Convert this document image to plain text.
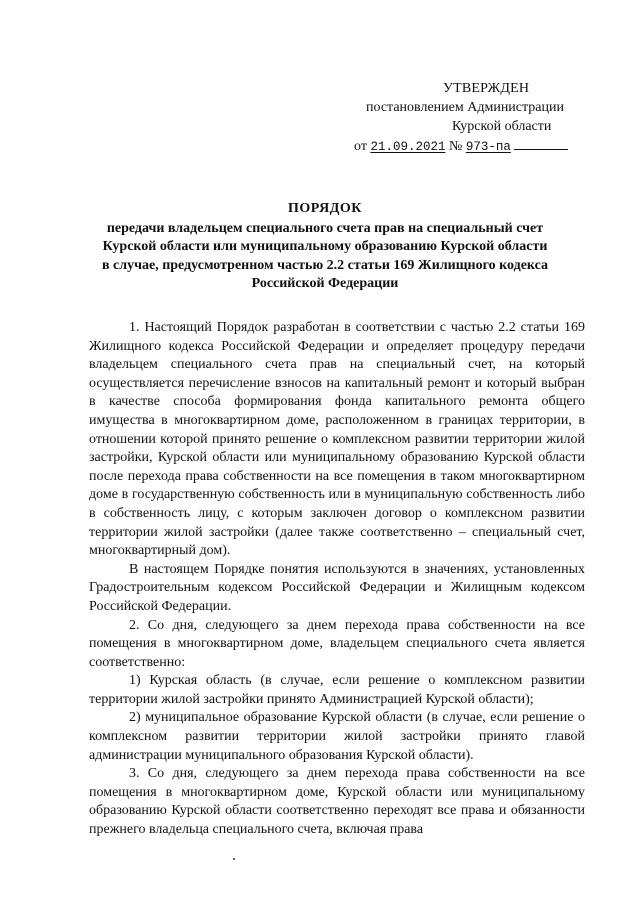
УТВЕРЖДЕН
постановлением Администрации
Курской области
от 21.09.2021 № 973-па
ПОРЯДОК
передачи владельцем специального счета прав на специальный счет
Курской области или муниципальному образованию Курской области
в случае, предусмотренном частью 2.2 статьи 169 Жилищного кодекса
Российской Федерации

1. Настоящий Порядок разработан в соответствии с частью 2.2 статьи 169 Жилищного кодекса Российской Федерации и определяет процедуру передачи владельцем специального счета прав на специальный счет, на который осуществляется перечисление взносов на капитальный ремонт и который выбран в качестве способа формирования фонда капитального ремонта общего имущества в многоквартирном доме, расположенном в границах территории, в отношении которой принято решение о комплексном развитии территории жилой застройки, Курской области или муниципальному образованию Курской области после перехода права собственности на все помещения в таком многоквартирном доме в государственную собственность или в муниципальную собственность либо в собственность лицу, с которым заключен договор о комплексном развитии территории жилой застройки (далее также соответственно – специальный счет, многоквартирный дом).

В настоящем Порядке понятия используются в значениях, установленных Градостроительным кодексом Российской Федерации и Жилищным кодексом Российской Федерации.

2. Со дня, следующего за днем перехода права собственности на все помещения в многоквартирном доме, владельцем специального счета является соответственно:

1) Курская область (в случае, если решение о комплексном развитии территории жилой застройки принято Администрацией Курской области);

2) муниципальное образование Курской области (в случае, если решение о комплексном развитии территории жилой застройки принято главой администрации муниципального образования Курской области).

3. Со дня, следующего за днем перехода права собственности на все помещения в многоквартирном доме, Курской области или муниципальному образованию Курской области соответственно переходят все права и обязанности прежнего владельца специального счета, включая права
